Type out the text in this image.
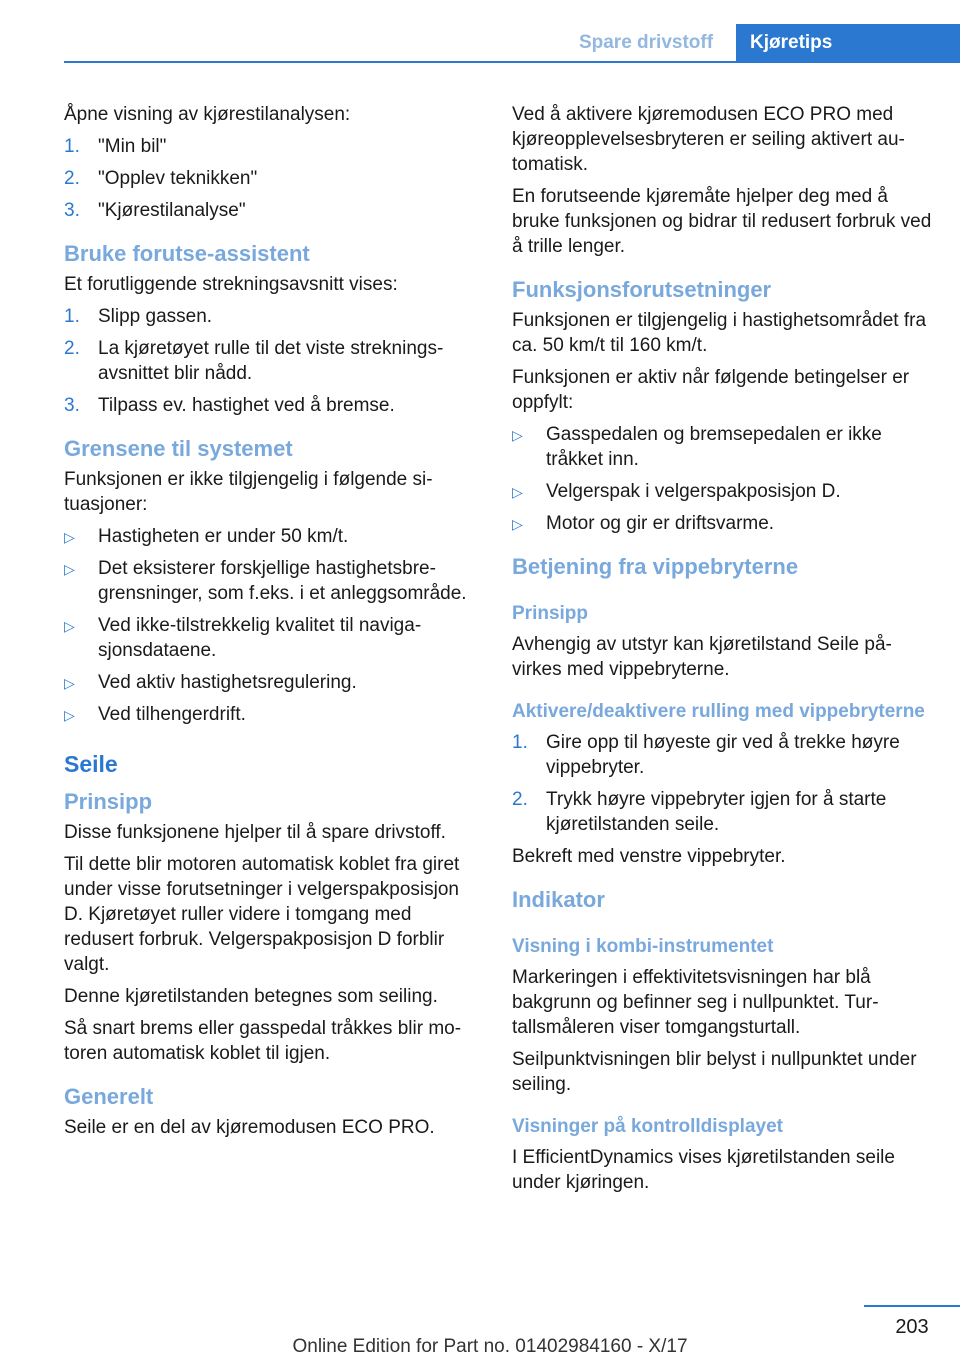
Spare drivstoff	Kjøretips

Åpne visning av kjørestilanalysen:

1. "Min bil"
2. "Opplev teknikken"
3. "Kjørestilanalyse"
Bruke forutse-assistent

Et forutliggende strekningsavsnitt vises:

1. Slipp gassen.
2. La kjøretøyet rulle til det viste strekningsavsnittet blir nådd.
3. Tilpass ev. hastighet ved å bremse.
Grensene til systemet

Funksjonen er ikke tilgjengelig i følgende situasjoner:

▷ Hastigheten er under 50 km/t.
▷ Det eksisterer forskjellige hastighetsbregrensninger, som f.eks. i et anleggsområde.
▷ Ved ikke-tilstrekkelig kvalitet til navigasjonsdataene.
▷ Ved aktiv hastighetsregulering.
▷ Ved tilhengerdrift.
Seile
Prinsipp

Disse funksjonene hjelper til å spare drivstoff.

Til dette blir motoren automatisk koblet fra giret under visse forutsetninger i velgerspakposisjon D. Kjøretøyet ruller videre i tomgang med redusert forbruk. Velgerspakposisjon D forblir valgt.

Denne kjøretilstanden betegnes som seiling.

Så snart brems eller gasspedal tråkkes blir motoren automatisk koblet til igjen.

Generelt

Seile er en del av kjøremodusen ECO PRO.

Ved å aktivere kjøremodusen ECO PRO med kjøreopplevelsesbryteren er seiling aktivert automatisk.

En forutseende kjøremåte hjelper deg med å bruke funksjonen og bidrar til redusert forbruk ved å trille lenger.

Funksjonsforutsetninger

Funksjonen er tilgjengelig i hastighetsområdet fra ca. 50 km/t til 160 km/t.

Funksjonen er aktiv når følgende betingelser er oppfylt:

▷ Gasspedalen og bremsepedalen er ikke tråkket inn.
▷ Velgerspak i velgerspakposisjon D.
▷ Motor og gir er driftsvarme.
Betjening fra vippebryterne
Prinsipp

Avhengig av utstyr kan kjøretilstand Seile påvirkes med vippebryterne.

Aktivere/deaktivere rulling med vippebryterne
1. Gire opp til høyeste gir ved å trekke høyre vippebryter.
2. Trykk høyre vippebryter igjen for å starte kjøretilstanden seile.

Bekreft med venstre vippebryter.

Indikator
Visning i kombi-instrumentet

Markeringen i effektivitetsvisningen har blå bakgrunn og befinner seg i nullpunktet. Turtallsmåleren viser tomgangsturtall.

Seilpunktvisningen blir belyst i nullpunktet under seiling.

Visninger på kontrolldisplayet

I EfficientDynamics vises kjøretilstanden seile under kjøringen.

203
Online Edition for Part no. 01402984160 - X/17
